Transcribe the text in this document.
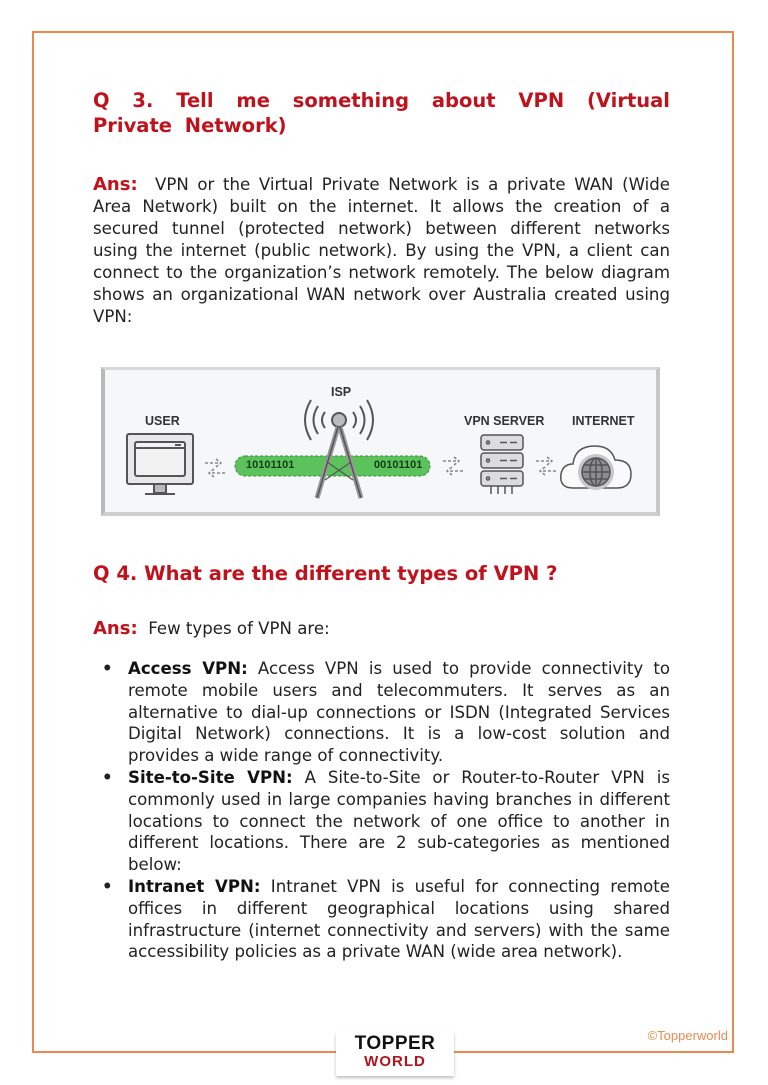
Q 3. Tell me something about VPN (Virtual Private Network)

Ans: VPN or the Virtual Private Network is a private WAN (Wide Area Network) built on the internet. It allows the creation of a secured tunnel (protected network) between different networks using the internet (public network). By using the VPN, a client can connect to the organization’s network remotely. The below diagram shows an organizational WAN network over Australia created using VPN:

USER
ISP
VPN SERVER INTERNET
10101101	00101101
Q 4. What are the different types of VPN ?

Ans: Few types of VPN are:

• Access VPN: Access VPN is used to provide connectivity to remote mobile users and telecommuters. It serves as an alternative to dial-up connections or ISDN (Integrated Services Digital Network) connections. It is a low-cost solution and provides a wide range of connectivity.
• Site-to-Site VPN: A Site-to-Site or Router-to-Router VPN is commonly used in large companies having branches in different locations to connect the network of one office to another in different locations. There are 2 sub-categories as mentioned below:
• Intranet VPN: Intranet VPN is useful for connecting remote offices in different geographical locations using shared infrastructure (internet connectivity and servers) with the same accessibility policies as a private WAN (wide area network).
©Topperworld
TOPPER
WORLD
